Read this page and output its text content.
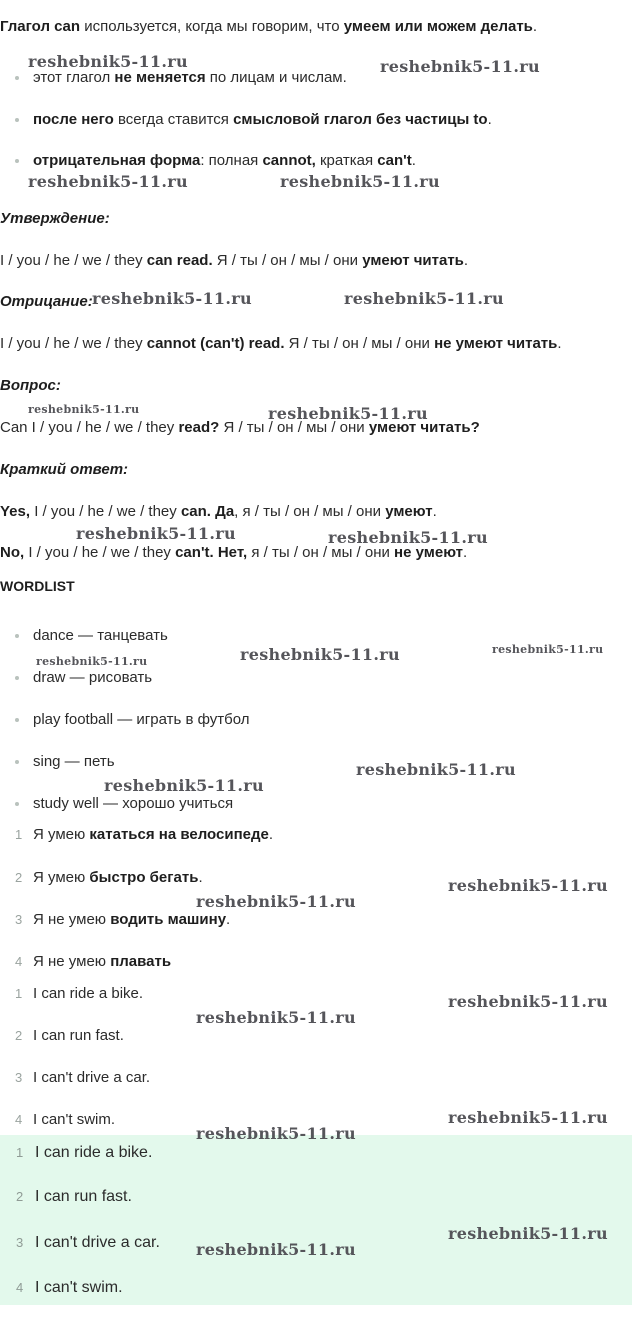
Глагол can используется, когда мы говорим, что умеем или можем делать.
этот глагол не меняется по лицам и числам.
после него всегда ставится смысловой глагол без частицы to.
отрицательная форма: полная cannot, краткая can't.
Утверждение:
I / you / he / we / they can read. Я / ты / он / мы / они умеют читать.
Отрицание:
I / you / he / we / they cannot (can't) read. Я / ты / он / мы / они не умеют читать.
Вопрос:
Can I / you / he / we / they read? Я / ты / он / мы / они умеют читать?
Краткий ответ:
Yes, I / you / he / we / they can. Да, я / ты / он / мы / они умеют.
No, I / you / he / we / they can't. Нет, я / ты / он / мы / они не умеют.
WORDLIST
dance — танцевать
draw — рисовать
play football — играть в футбол
sing — петь
study well — хорошо учиться
1 Я умею кататься на велосипеде.
2 Я умею быстро бегать.
3 Я не умею водить машину.
4 Я не умею плавать
1 I can ride a bike.
2 I can run fast.
3 I can't drive a car.
4 I can't swim.
1 I can ride a bike.
2 I can run fast.
3 I can't drive a car.
4 I can't swim.
reshebnik5-11.ru	reshebnik5-11.ru
reshebnik5-11.ru	reshebnik5-11.ru
reshebnik5-11.ru	reshebnik5-11.ru
reshebnik5-11.ru	reshebnik5-11.ru
reshebnik5-11.ru	reshebnik5-11.ru
reshebnik5-11.ru	reshebnik5-11.ru	reshebnik5-11.ru
reshebnik5-11.ru
reshebnik5-11.ru
reshebnik5-11.ru
reshebnik5-11.ru
reshebnik5-11.ru
reshebnik5-11.ru
reshebnik5-11.ru
reshebnik5-11.ru
reshebnik5-11.ru
reshebnik5-11.ru
